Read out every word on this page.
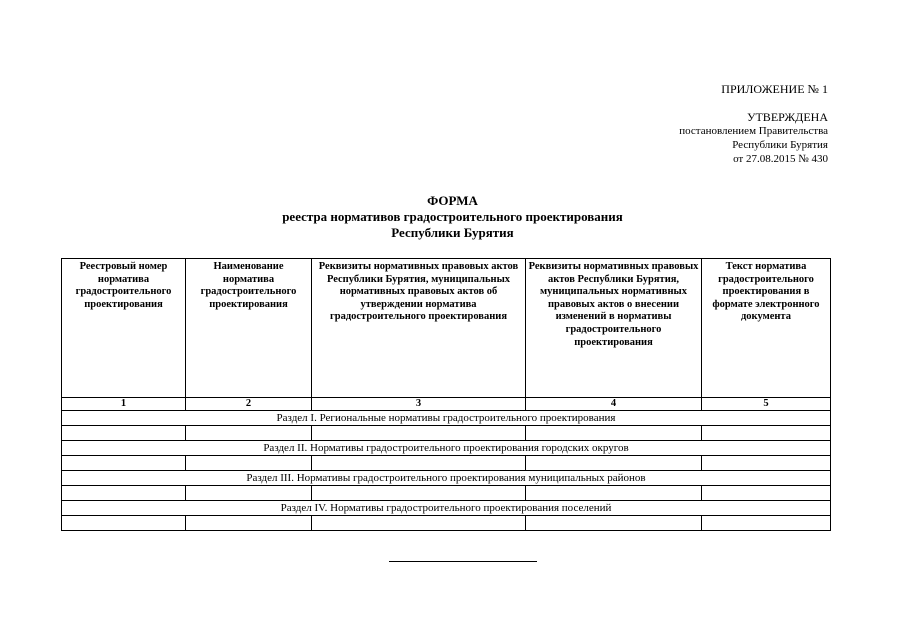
ПРИЛОЖЕНИЕ № 1
УТВЕРЖДЕНА
постановлением Правительства
Республики Бурятия
от 27.08.2015 № 430
ФОРМА
реестра нормативов градостроительного проектирования
Республики Бурятия
Реестровый номер норматива градостроительного проектирования	Наименование норматива градостроительного проектирования	Реквизиты нормативных правовых актов Республики Бурятия, муниципальных нормативных правовых актов об утверждении норматива градостроительного проектирования	Реквизиты нормативных правовых актов Республики Бурятия, муниципальных нормативных правовых актов о внесении изменений в нормативы градостроительного проектирования	Текст норматива градостроительного проектирования в формате электронного документа
1	2	3	4	5
Раздел I. Региональные нормативы градостроительного проектирования				

Раздел II. Нормативы градостроительного проектирования городских округов				

Раздел III. Нормативы градостроительного проектирования муниципальных районов				

Раздел IV. Нормативы градостроительного проектирования поселений				
